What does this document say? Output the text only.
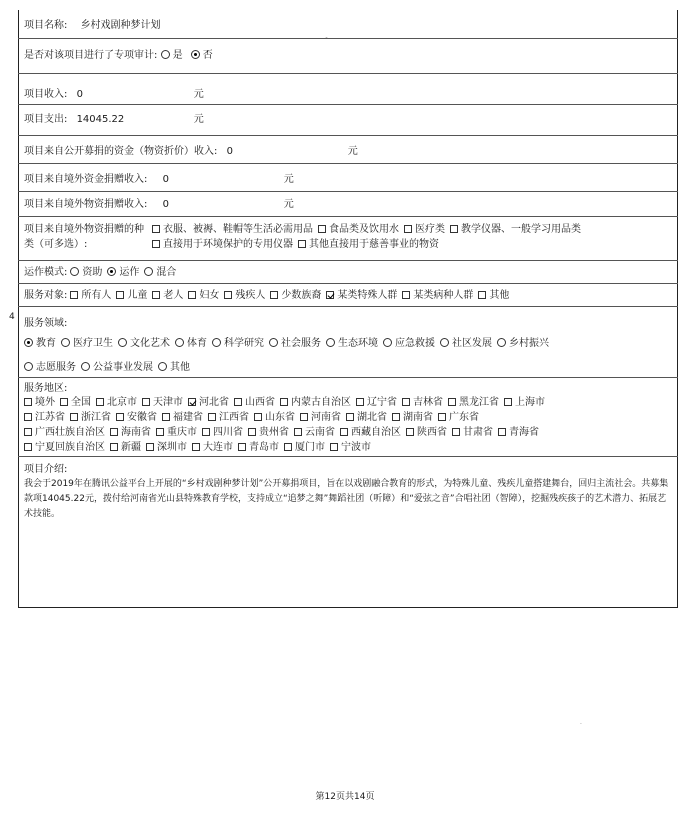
˚
·
项目名称: 乡村戏剧种梦计划
是否对该项目进行了专项审计: 是 否
项目收入: 0	元
项目支出: 14045.22	元
项目来自公开募捐的资金（物资折价）收入: 0	元
项目来自境外资金捐赠收入: 0	元
项目来自境外物资捐赠收入: 0	元
项目来自境外物资捐赠的种
类（可多选）:
衣服、被褥、鞋帽等生活必需用品 食品类及饮用水 医疗类 教学仪器、一般学习用品类
直接用于环境保护的专用仪器 其他直接用于慈善事业的物资
运作模式: 资助 运作 混合
服务对象: 所有人 儿童 老人 妇女 残疾人 少数族裔 某类特殊人群 某类病种人群 其他
服务领域:
教育 医疗卫生 文化艺术 体育 科学研究 社会服务 生态环境 应急救援 社区发展 乡村振兴
志愿服务 公益事业发展 其他
服务地区:
境外 全国 北京市 天津市 河北省 山西省 内蒙古自治区 辽宁省 吉林省 黑龙江省 上海市
江苏省 浙江省 安徽省 福建省 江西省 山东省 河南省 湖北省 湖南省 广东省
广西壮族自治区 海南省 重庆市 四川省 贵州省 云南省 西藏自治区 陕西省 甘肃省 青海省
宁夏回族自治区 新疆 深圳市 大连市 青岛市 厦门市 宁波市
项目介绍:
我会于2019年在腾讯公益平台上开展的“乡村戏剧种梦计划”公开募捐项目，旨在以戏剧融合教育的形式，为特殊儿童、残疾儿童搭建舞台，回归主流社会。共募集款项14045.22元，拨付给河南省光山县特殊教育学校，支持成立“追梦之舞”舞蹈社团（听障）和“爱弦之音”合唱社团（智障），挖掘残疾孩子的艺术潜力、拓展艺术技能。
4
第12页共14页
